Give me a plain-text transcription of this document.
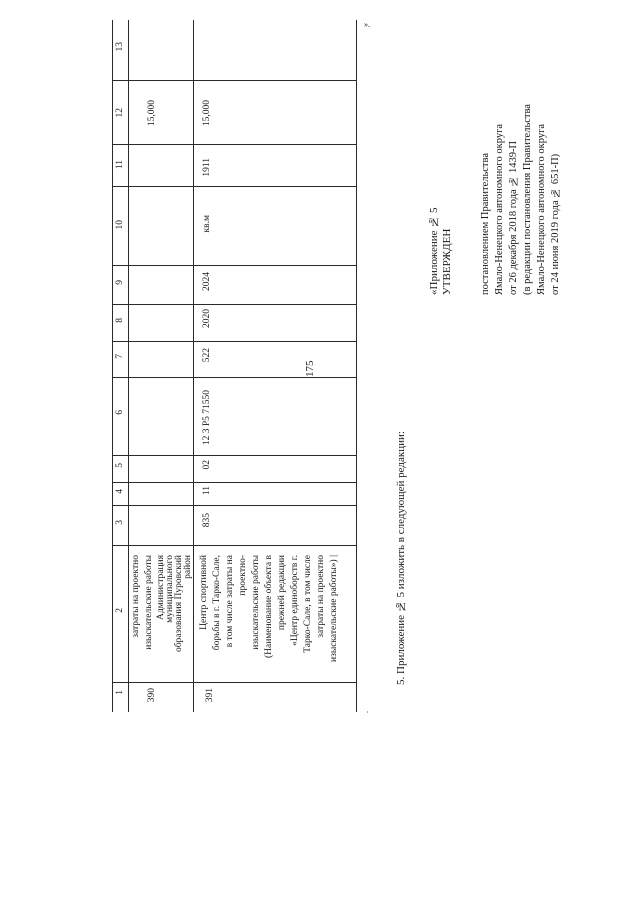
175
1
2
3
4
5
6
7
8
9
10
11
12
13
затраты на проектно изыскательские работы
390
Администрация муниципального образования Пуровский район
15,000
391
Центр спортивной борьбы в г. Тарко-Сале, в том числе затраты на проектно- изыскательские работы (Наименование объекта в прежней редакции «Центр единоборств г. Тарко-Сале, в том числе затраты на проектно изыскательские работы») |
835
11
02
12 3 P5 71550
522
2020
2024
кв.м
1911
15,000
».
·
5. Приложение № 5 изложить в следующей редакции:
«Приложение № 5 УТВЕРЖДЕН	постановлением Правительства Ямало-Ненецкого автономного округа от 26 декабря 2018 года № 1439-П (в редакции постановления Правительства Ямало-Ненецкого автономного округа от 24 июня 2019 года № 651-П)
